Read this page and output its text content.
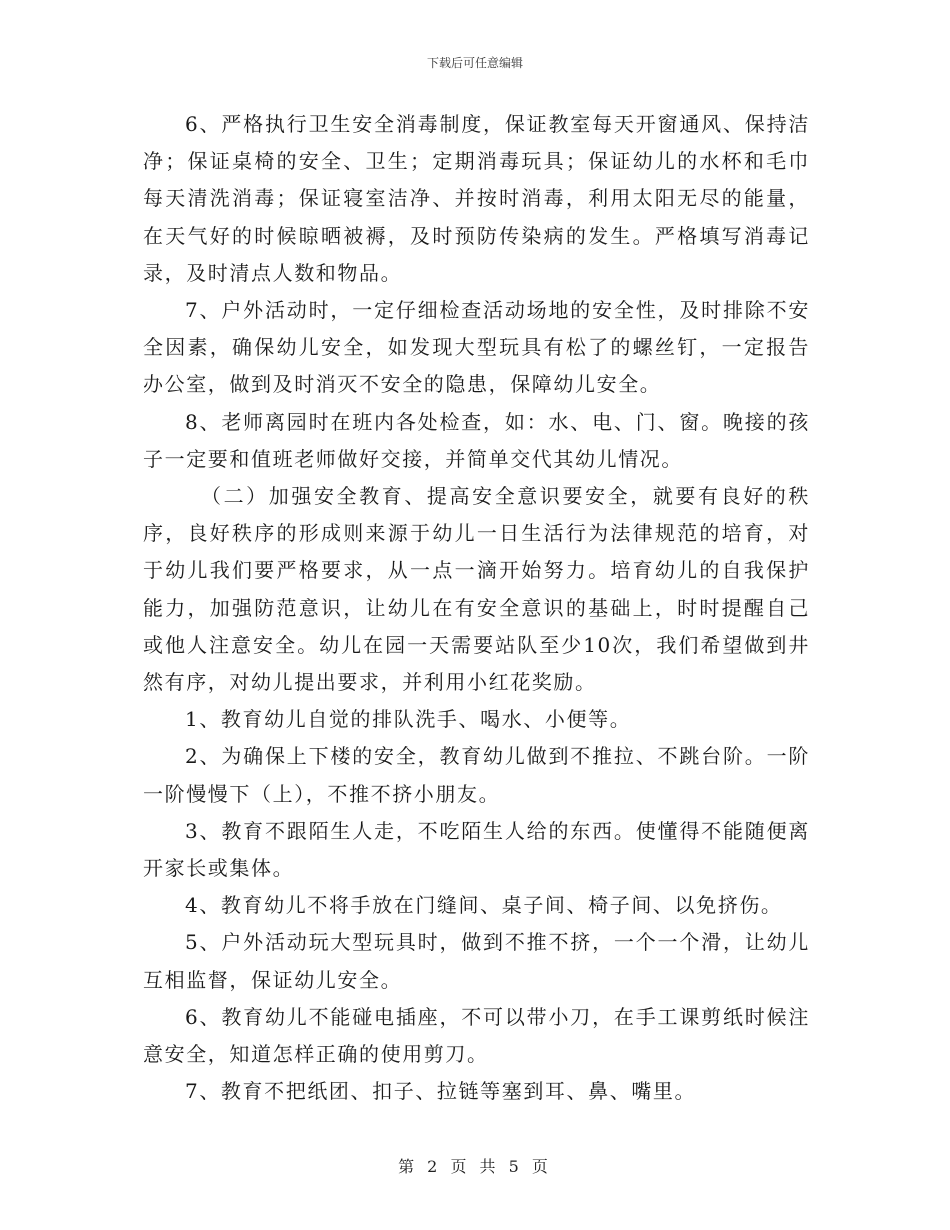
下载后可任意编辑

6、严格执行卫生安全消毒制度，保证教室每天开窗通风、保持洁净；保证桌椅的安全、卫生；定期消毒玩具；保证幼儿的水杯和毛巾每天清洗消毒；保证寝室洁净、并按时消毒，利用太阳无尽的能量，在天气好的时候晾晒被褥，及时预防传染病的发生。严格填写消毒记录，及时清点人数和物品。

7、户外活动时，一定仔细检查活动场地的安全性，及时排除不安全因素，确保幼儿安全，如发现大型玩具有松了的螺丝钉，一定报告办公室，做到及时消灭不安全的隐患，保障幼儿安全。

8、老师离园时在班内各处检查，如：水、电、门、窗。晚接的孩子一定要和值班老师做好交接，并简单交代其幼儿情况。

（二）加强安全教育、提高安全意识要安全，就要有良好的秩序，良好秩序的形成则来源于幼儿一日生活行为法律规范的培育，对于幼儿我们要严格要求，从一点一滴开始努力。培育幼儿的自我保护能力，加强防范意识，让幼儿在有安全意识的基础上，时时提醒自己或他人注意安全。幼儿在园一天需要站队至少10次，我们希望做到井然有序，对幼儿提出要求，并利用小红花奖励。

1、教育幼儿自觉的排队洗手、喝水、小便等。

2、为确保上下楼的安全，教育幼儿做到不推拉、不跳台阶。一阶一阶慢慢下（上），不推不挤小朋友。

3、教育不跟陌生人走，不吃陌生人给的东西。使懂得不能随便离开家长或集体。

4、教育幼儿不将手放在门缝间、桌子间、椅子间、以免挤伤。

5、户外活动玩大型玩具时，做到不推不挤，一个一个滑，让幼儿互相监督，保证幼儿安全。

6、教育幼儿不能碰电插座，不可以带小刀，在手工课剪纸时候注意安全，知道怎样正确的使用剪刀。

7、教育不把纸团、扣子、拉链等塞到耳、鼻、嘴里。

第 2 页 共 5 页
